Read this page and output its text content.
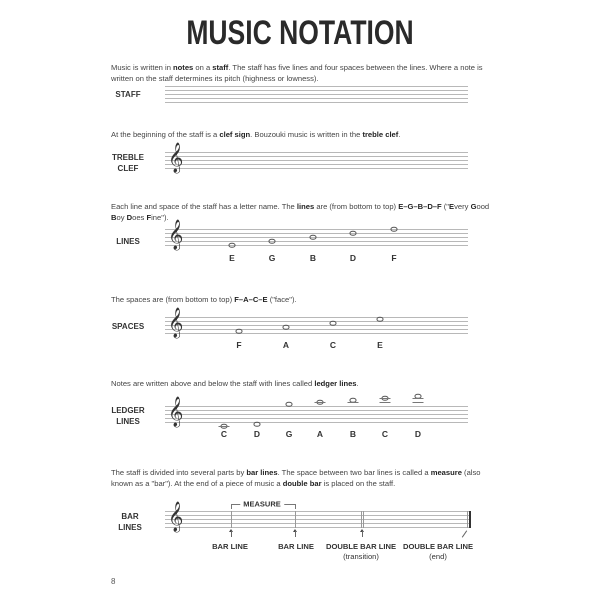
MUSIC NOTATION
Music is written in notes on a staff. The staff has five lines and four spaces between the lines. Where a note is written on the staff determines its pitch (highness or lowness).
STAFF
At the beginning of the staff is a clef sign. Bouzouki music is written in the treble clef.
TREBLE
CLEF	𝄞
Each line and space of the staff has a letter name. The lines are (from bottom to top) E–G–B–D–F ("Every Good Boy Does Fine").
LINES	𝄞
E	G	B	D	F
The spaces are (from bottom to top) F–A–C–E ("face").
SPACES 𝄞
F	A	C	E
Notes are written above and below the staff with lines called ledger lines.
LEDGER
LINES	𝄞
C	D	G	A	B	C	D
The staff is divided into several parts by bar lines. The space between two bar lines is called a measure (also known as a "bar"). At the end of a piece of music a double bar is placed on the staff.
BAR
LINES	𝄞	MEASURE
BAR LINE	BAR LINE DOUBLE BAR LINE
(transition)
DOUBLE BAR LINE
(end)
8
